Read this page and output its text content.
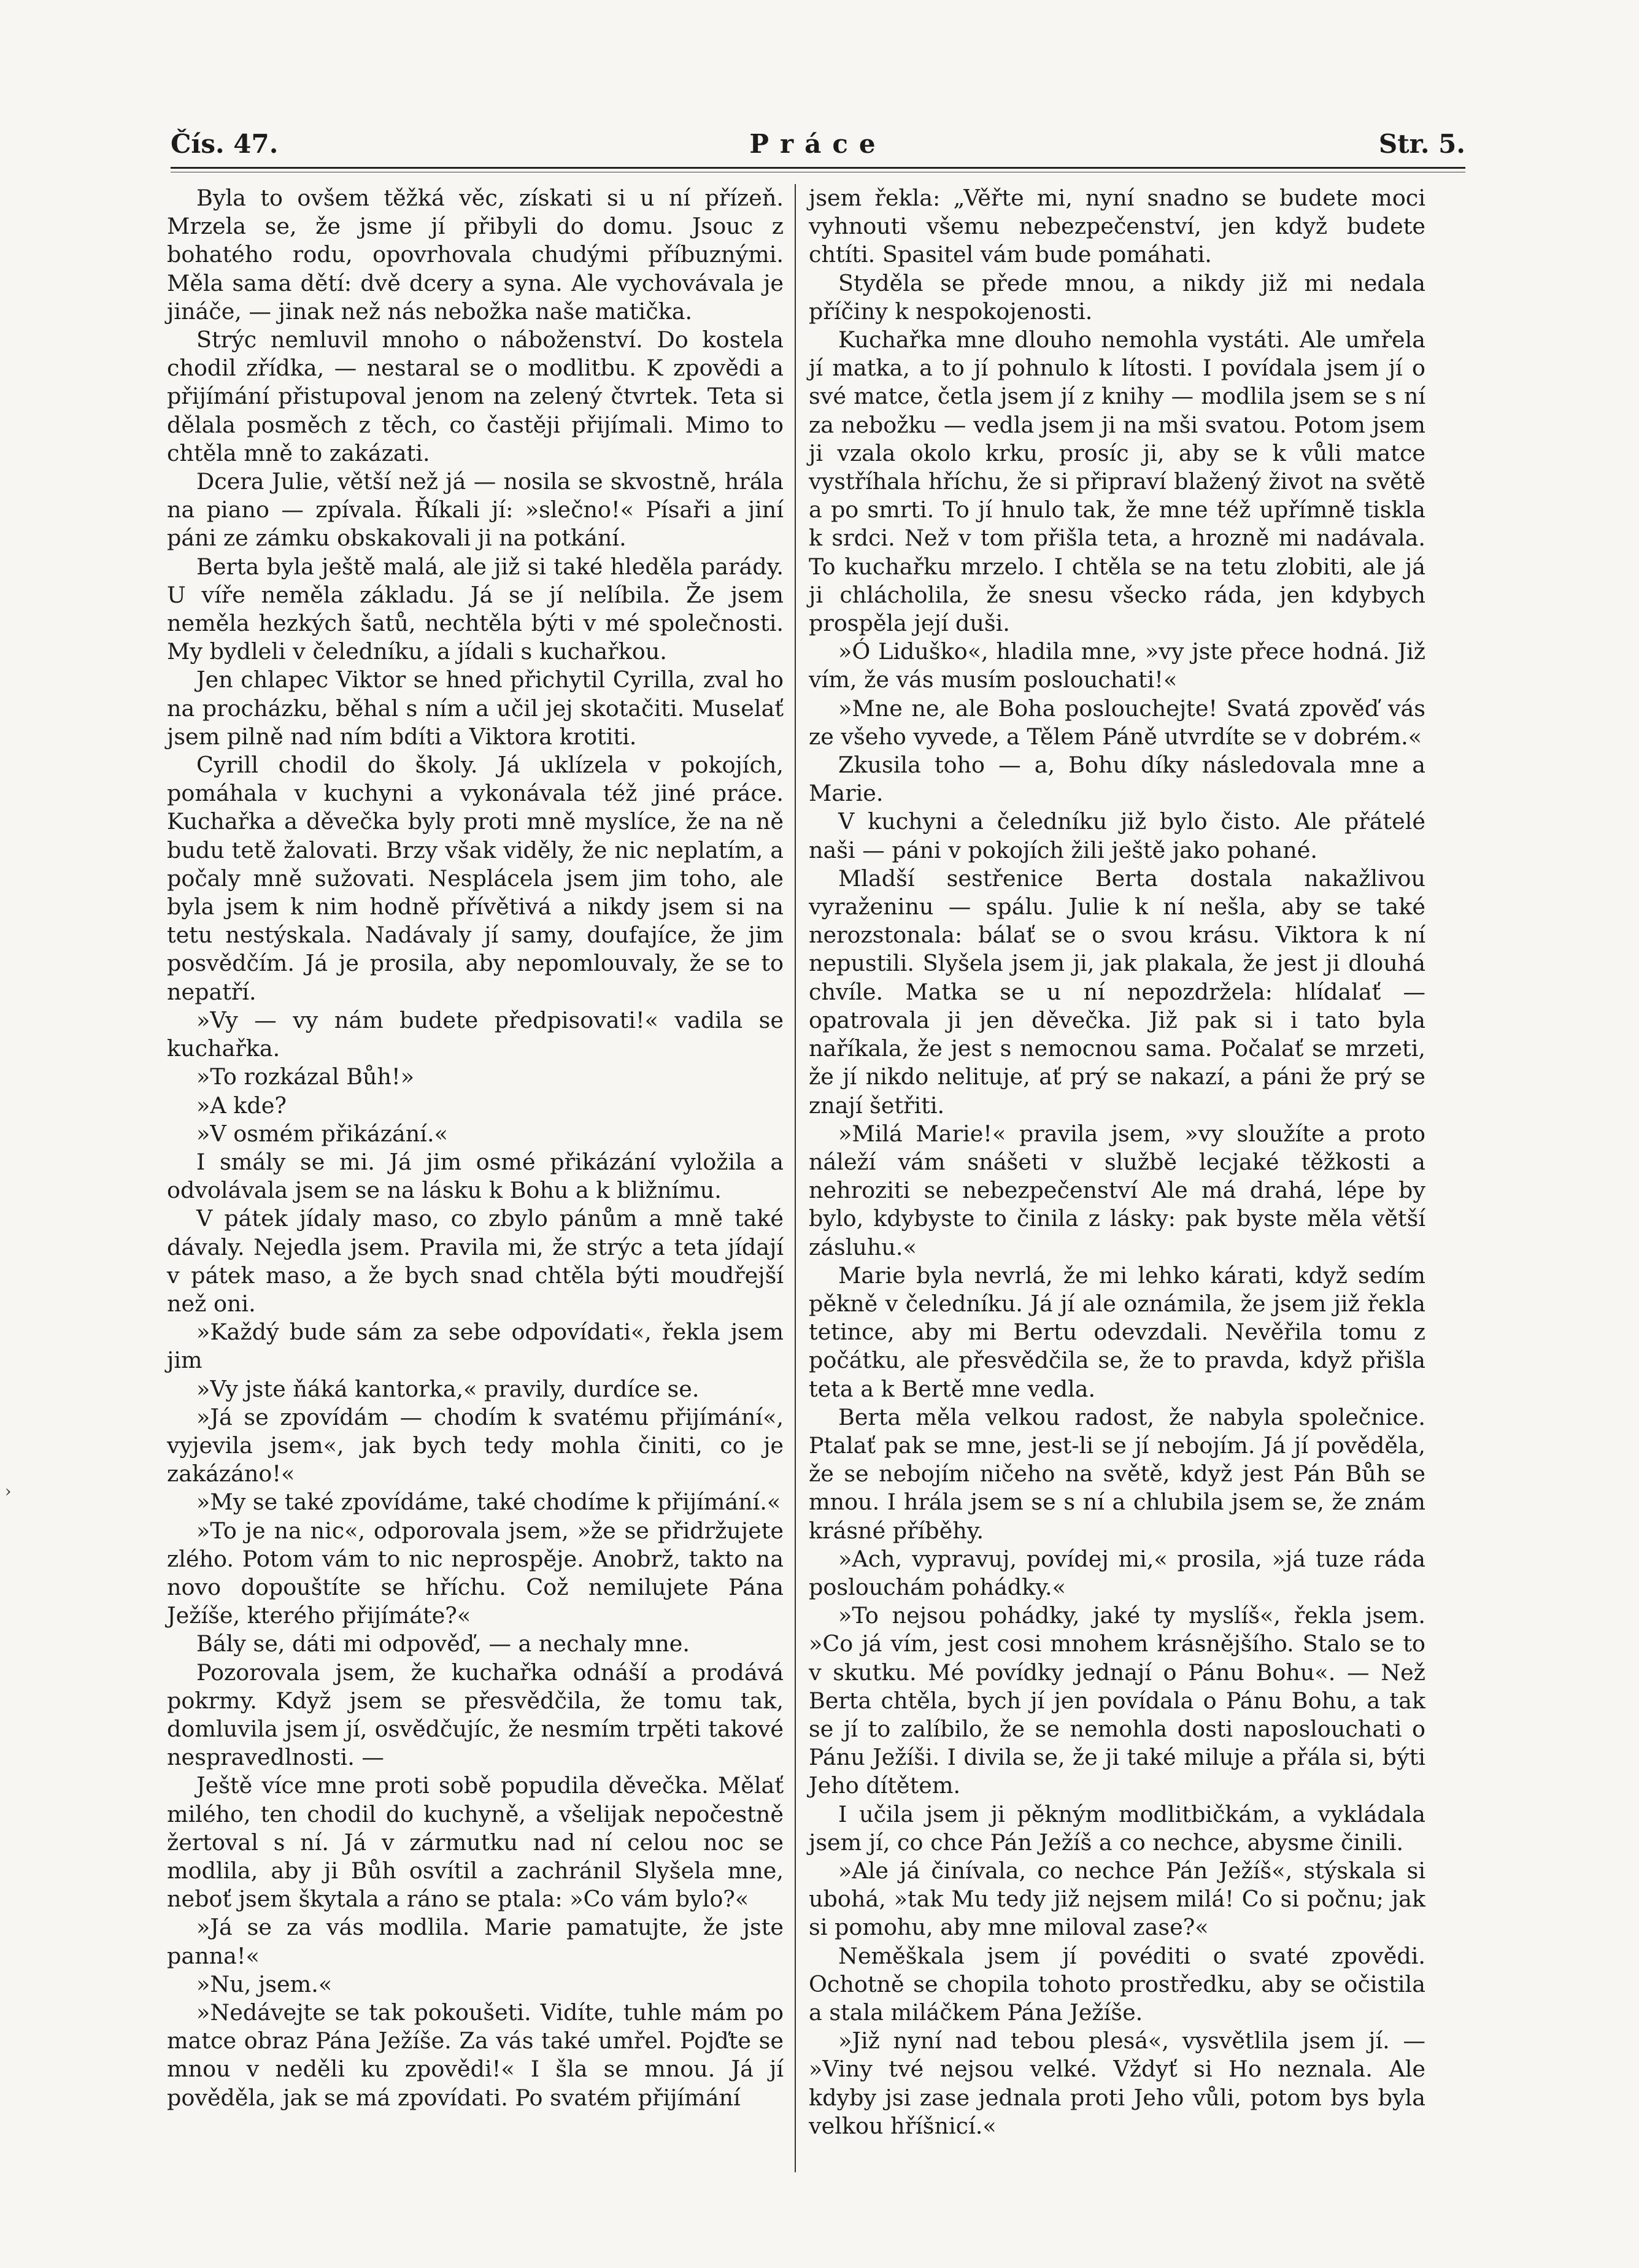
Čís. 47.	Práce	Str. 5.

Byla to ovšem těžká věc, získati si u ní přízeň. Mrzela se, že jsme jí přibyli do domu. Jsouc z bohatého rodu, opovrhovala chudými příbuznými. Měla sama dětí: dvě dcery a syna. Ale vychovávala je jináče, — jinak než nás nebožka naše matička.

Strýc nemluvil mnoho o náboženství. Do kostela chodil zřídka, — nestaral se o modlitbu. K zpovědi a přijímání přistupoval jenom na zelený čtvrtek. Teta si dělala posměch z těch, co častěji přijímali. Mimo to chtěla mně to zakázati.

Dcera Julie, větší než já — nosila se skvostně, hrála na piano — zpívala. Říkali jí: »slečno!« Písaři a jiní páni ze zámku obskakovali ji na potkání.

Berta byla ještě malá, ale již si také hleděla parády. U víře neměla základu. Já se jí nelíbila. Že jsem neměla hezkých šatů, nechtěla býti v mé společnosti. My bydleli v čeledníku, a jídali s kuchařkou.

Jen chlapec Viktor se hned přichytil Cyrilla, zval ho na procházku, běhal s ním a učil jej skotačiti. Muselať jsem pilně nad ním bdíti a Viktora krotiti.

Cyrill chodil do školy. Já uklízela v pokojích, pomáhala v kuchyni a vykonávala též jiné práce. Kuchařka a děvečka byly proti mně myslíce, že na ně budu tetě žalovati. Brzy však viděly, že nic neplatím, a počaly mně sužovati. Nesplácela jsem jim toho, ale byla jsem k nim hodně přívětivá a nikdy jsem si na tetu nestýskala. Nadávaly jí samy, doufajíce, že jim posvědčím. Já je prosila, aby nepomlouvaly, že se to nepatří.

»Vy — vy nám budete předpisovati!« vadila se kuchařka.

»To rozkázal Bůh!»

»A kde?

»V osmém přikázání.«

I smály se mi. Já jim osmé přikázání vyložila a odvolávala jsem se na lásku k Bohu a k bližnímu.

V pátek jídaly maso, co zbylo pánům a mně také dávaly. Nejedla jsem. Pravila mi, že strýc a teta jídají v pátek maso, a že bych snad chtěla býti moudřejší než oni.

»Každý bude sám za sebe odpovídati«, řekla jsem jim

»Vy jste ňáká kantorka,« pravily, durdíce se.

»Já se zpovídám — chodím k svatému přijímání«, vyjevila jsem«, jak bych tedy mohla činiti, co je zakázáno!«

»My se také zpovídáme, také chodíme k přijímání.«

»To je na nic«, odporovala jsem, »že se přidržujete zlého. Potom vám to nic neprospěje. Anobrž, takto na novo dopouštíte se hříchu. Což nemilujete Pána Ježíše, kterého přijímáte?«

Bály se, dáti mi odpověď, — a nechaly mne.

Pozorovala jsem, že kuchařka odnáší a prodává pokrmy. Když jsem se přesvědčila, že tomu tak, domluvila jsem jí, osvědčujíc, že nesmím trpěti takové nespravedlnosti. —

Ještě více mne proti sobě popudila děvečka. Mělať milého, ten chodil do kuchyně, a všelijak nepočestně žertoval s ní. Já v zármutku nad ní celou noc se modlila, aby ji Bůh osvítil a zachránil Slyšela mne, neboť jsem škytala a ráno se ptala: »Co vám bylo?«

»Já se za vás modlila. Marie pamatujte, že jste panna!«

»Nu, jsem.«

»Nedávejte se tak pokoušeti. Vidíte, tuhle mám po matce obraz Pána Ježíše. Za vás také umřel. Pojďte se mnou v neděli ku zpovědi!« I šla se mnou. Já jí pověděla, jak se má zpovídati. Po svatém přijímání

jsem řekla: „Věřte mi, nyní snadno se budete moci vyhnouti všemu nebezpečenství, jen když budete chtíti. Spasitel vám bude pomáhati.

Styděla se přede mnou, a nikdy již mi nedala příčiny k nespokojenosti.

Kuchařka mne dlouho nemohla vystáti. Ale umřela jí matka, a to jí pohnulo k lítosti. I povídala jsem jí o své matce, četla jsem jí z knihy — modlila jsem se s ní za nebožku — vedla jsem ji na mši svatou. Potom jsem ji vzala okolo krku, prosíc ji, aby se k vůli matce vystříhala hříchu, že si připraví blažený život na světě a po smrti. To jí hnulo tak, že mne též upřímně tiskla k srdci. Než v tom přišla teta, a hrozně mi nadávala. To kuchařku mrzelo. I chtěla se na tetu zlobiti, ale já ji chlácholila, že snesu všecko ráda, jen kdybych prospěla její duši.

»Ó Liduško«, hladila mne, »vy jste přece hodná. Již vím, že vás musím poslouchati!«

»Mne ne, ale Boha poslouchejte! Svatá zpověď vás ze všeho vyvede, a Tělem Páně utvrdíte se v dobrém.«

Zkusila toho — a, Bohu díky následovala mne a Marie.

V kuchyni a čeledníku již bylo čisto. Ale přátelé naši — páni v pokojích žili ještě jako pohané.

Mladší sestřenice Berta dostala nakažlivou vyraženinu — spálu. Julie k ní nešla, aby se také nerozstonala: bálať se o svou krásu. Viktora k ní nepustili. Slyšela jsem ji, jak plakala, že jest ji dlouhá chvíle. Matka se u ní nepozdržela: hlídalať — opatrovala ji jen děvečka. Již pak si i tato byla naříkala, že jest s nemocnou sama. Počalať se mrzeti, že jí nikdo nelituje, ať prý se nakazí, a páni že prý se znají šetřiti.

»Milá Marie!« pravila jsem, »vy sloužíte a proto náleží vám snášeti v službě lecjaké těžkosti a nehroziti se nebezpečenství Ale má drahá, lépe by bylo, kdybyste to činila z lásky: pak byste měla větší zásluhu.«

Marie byla nevrlá, že mi lehko kárati, když sedím pěkně v čeledníku. Já jí ale oznámila, že jsem již řekla tetince, aby mi Bertu odevzdali. Nevěřila tomu z počátku, ale přesvědčila se, že to pravda, když přišla teta a k Bertě mne vedla.

Berta měla velkou radost, že nabyla společnice. Ptalať pak se mne, jest-li se jí nebojím. Já jí pověděla, že se nebojím ničeho na světě, když jest Pán Bůh se mnou. I hrála jsem se s ní a chlubila jsem se, že znám krásné příběhy.

»Ach, vypravuj, povídej mi,« prosila, »já tuze ráda poslouchám pohádky.«

»To nejsou pohádky, jaké ty myslíš«, řekla jsem. »Co já vím, jest cosi mnohem krásnějšího. Stalo se to v skutku. Mé povídky jednají o Pánu Bohu«. — Než Berta chtěla, bych jí jen povídala o Pánu Bohu, a tak se jí to zalíbilo, že se nemohla dosti naposlouchati o Pánu Ježíši. I divila se, že ji také miluje a přála si, býti Jeho dítětem.

I učila jsem ji pěkným modlitbičkám, a vykládala jsem jí, co chce Pán Ježíš a co nechce, abysme činili.

»Ale já činívala, co nechce Pán Ježíš«, stýskala si ubohá, »tak Mu tedy již nejsem milá! Co si počnu; jak si pomohu, aby mne miloval zase?«

Neměškala jsem jí povéditi o svaté zpovědi. Ochotně se chopila tohoto prostředku, aby se očistila a stala miláčkem Pána Ježíše.

»Již nyní nad tebou plesá«, vysvětlila jsem jí. — »Viny tvé nejsou velké. Vždyť si Ho neznala. Ale kdyby jsi zase jednala proti Jeho vůli, potom bys byla velkou hříšnicí.«

›
